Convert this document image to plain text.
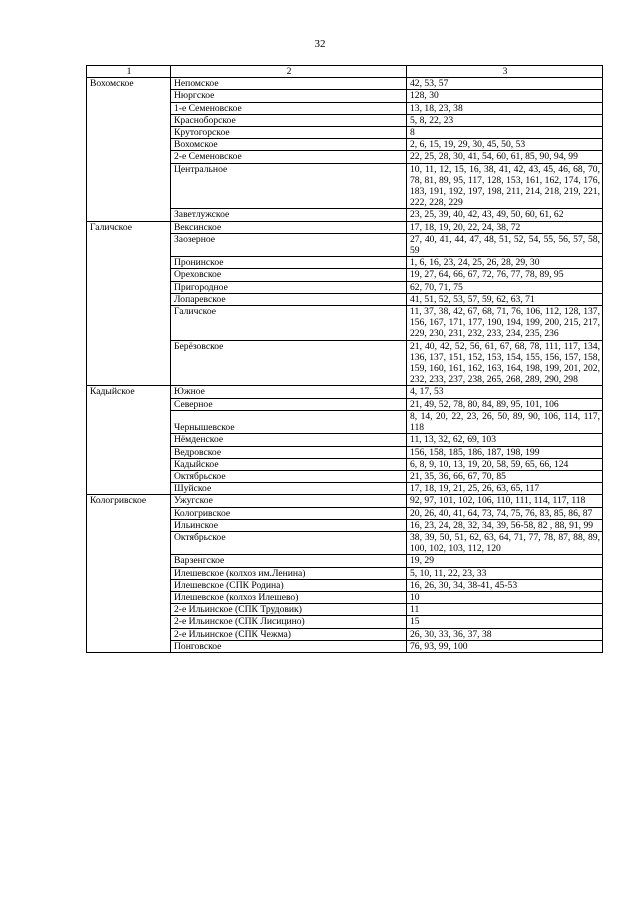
32
1	2	3
Вохомское	Непомское	42, 53, 57
	Нюргское	128, 30
	1-е Семеновское	13, 18, 23, 38
	Красноборское	5, 8, 22, 23
	Крутогорское	8
	Вохомское	2, 6, 15, 19, 29, 30, 45, 50, 53
	2-е Семеновское	22, 25, 28, 30, 41, 54, 60, 61, 85, 90, 94, 99
	Центральное	10, 11, 12, 15, 16, 38, 41, 42, 43, 45, 46, 68, 70, 78, 81, 89, 95, 117, 128, 153, 161, 162, 174, 176, 183, 191, 192, 197, 198, 211, 214, 218, 219, 221, 222, 228, 229
	Заветлужское	23, 25, 39, 40, 42, 43, 49, 50, 60, 61, 62
Галичское	Вексинское	17, 18, 19, 20, 22, 24, 38, 72
	Заозерное	27, 40, 41, 44, 47, 48, 51, 52, 54, 55, 56, 57, 58, 59
	Пронинское	1, 6, 16, 23, 24, 25, 26, 28, 29, 30
	Ореховское	19, 27, 64, 66, 67, 72, 76, 77, 78, 89, 95
	Пригородное	62, 70, 71, 75
	Лопаревское	41, 51, 52, 53, 57, 59, 62, 63, 71
	Галичское	11, 37, 38, 42, 67, 68, 71, 76, 106, 112, 128, 137, 156, 167, 171, 177, 190, 194, 199, 200, 215, 217, 229, 230, 231, 232, 233, 234, 235, 236
	Берёзовское	21, 40, 42, 52, 56, 61, 67, 68, 78, 111, 117, 134, 136, 137, 151, 152, 153, 154, 155, 156, 157, 158, 159, 160, 161, 162, 163, 164, 198, 199, 201, 202, 232, 233, 237, 238, 265, 268, 289, 290, 298
Кадыйское	Южное	4, 17, 53
	Северное	21, 49, 52, 78, 80, 84, 89, 95, 101, 106
	Чернышевское	8, 14, 20, 22, 23, 26, 50, 89, 90, 106, 114, 117, 118
	Нёмденское	11, 13, 32, 62, 69, 103
	Ведровское	156, 158, 185, 186, 187, 198, 199
	Кадыйское	6, 8, 9, 10, 13, 19, 20, 58, 59, 65, 66, 124
	Октябрьское	21, 35, 36, 66, 67, 70, 85
	Шуйское	17, 18, 19, 21, 25, 26, 63, 65, 117
Кологривское	Ужугское	92, 97, 101, 102, 106, 110, 111, 114, 117, 118
	Кологривское	20, 26, 40, 41, 64, 73, 74, 75, 76, 83, 85, 86, 87
	Ильинское	16, 23, 24, 28, 32, 34, 39, 56-58, 82 , 88, 91, 99
	Октябрьское	38, 39, 50, 51, 62, 63, 64, 71, 77, 78, 87, 88, 89, 100, 102, 103, 112, 120
	Варзенгское	19, 29
	Илешевское (колхоз им.Ленина)	5, 10, 11, 22, 23, 33
	Илешевское (СПК Родина)	16, 26, 30, 34, 38-41, 45-53
	Илешевское (колхоз Илешево)	10
	2-е Ильинское (СПК Трудовик)	11
	2-е Ильинское (СПК Лисицино)	15
	2-е Ильинское (СПК Чежма)	26, 30, 33, 36, 37, 38
	Понговское	76, 93, 99, 100
